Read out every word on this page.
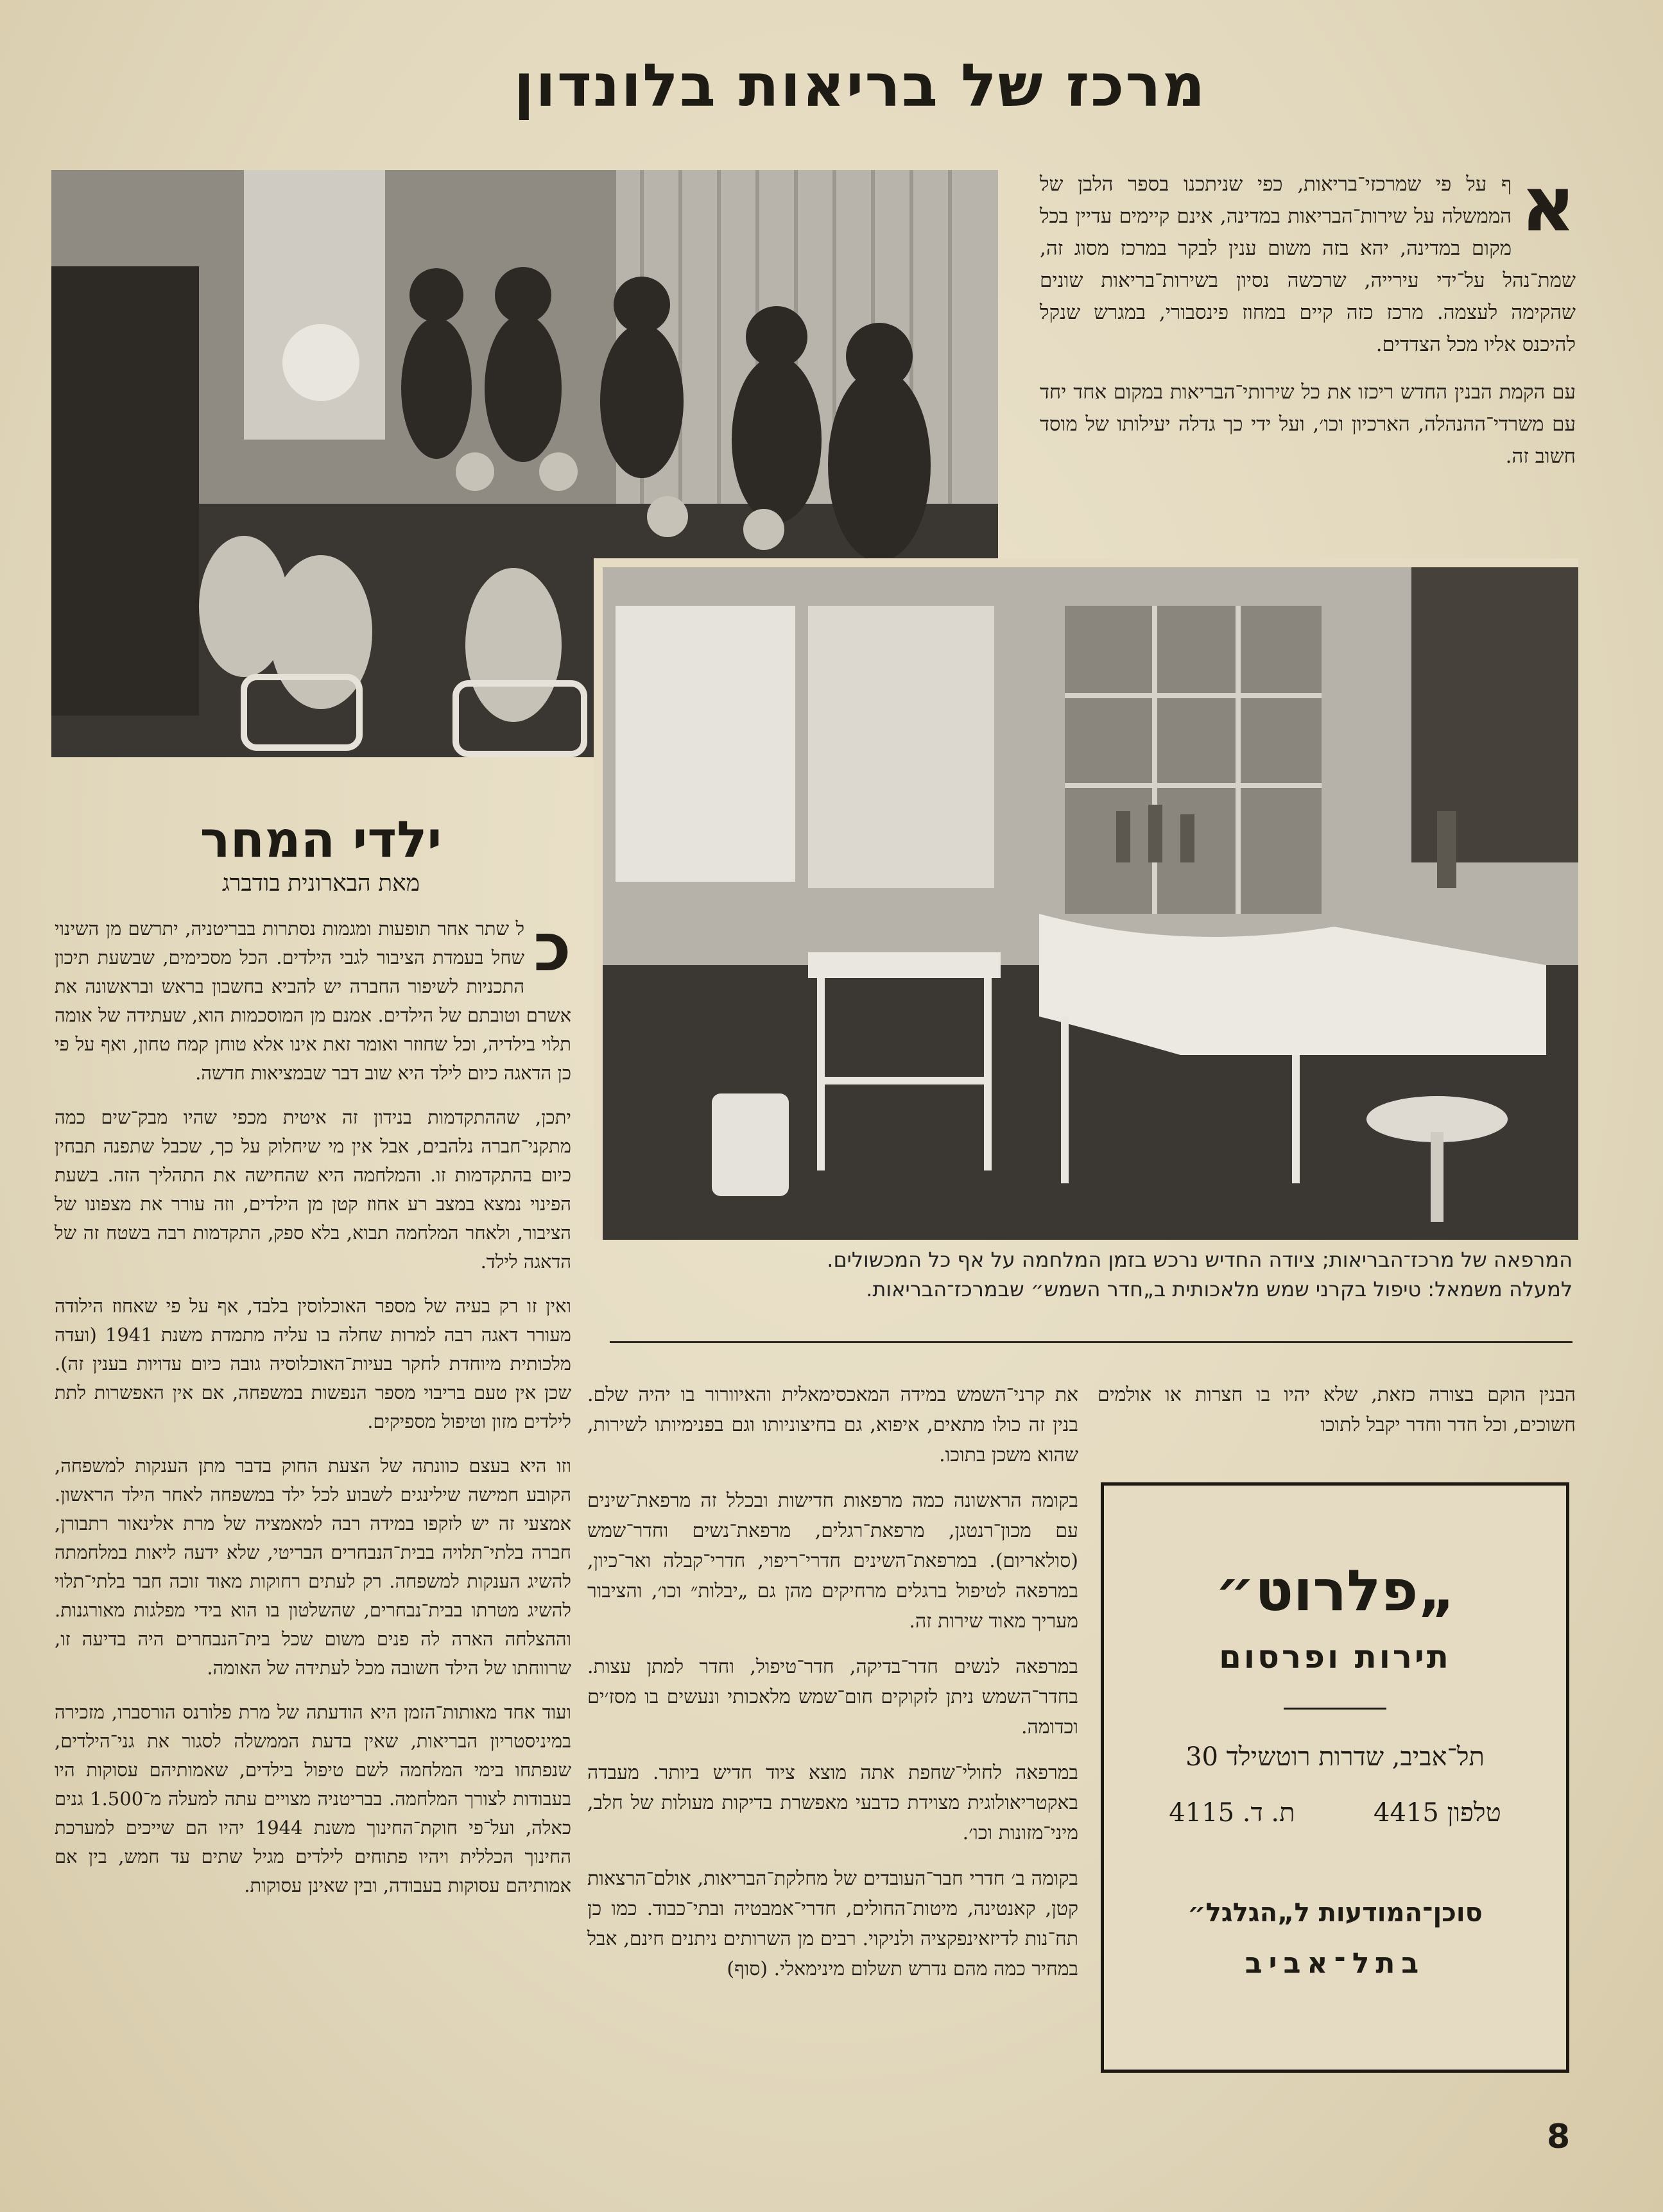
מרכז של בריאות בלונדון
א

ף על פי שמרכזי־בריאות, כפי שניתכנו בספר הלבן של הממשלה על שירות־הבריאות במדינה, אינם קיימים עדיין בכל מקום במדינה, יהא בזה משום ענין לבקר במרכז מסוג זה, שמת־נהל על־ידי עירייה, שרכשה נסיון בשירות־בריאות שונים שהקימה לעצמה. מרכז כזה קיים במחוז פינסבורי, במגרש שנקל להיכנס אליו מכל הצדדים.

עם הקמת הבנין החדש ריכזו את כל שירותי־הבריאות במקום אחד יחד עם משרדי־ההנהלה, הארכיון וכו׳, ועל ידי כך גדלה יעילותו של מוסד חשוב זה.

ילדי המחר
מאת הבארונית בודברג
כ

ל שתר אחר תופעות ומגמות נסתרות בבריטניה, יתרשם מן השינוי שחל בעמדת הציבור לגבי הילדים. הכל מסכימים, שבשעת תיכון התכניות לשיפור החברה יש להביא בחשבון בראש ובראשונה את אשרם וטובתם של הילדים. אמנם מן המוסכמות הוא, שעתידה של אומה תלוי בילדיה, וכל שחוזר ואומר זאת אינו אלא טוחן קמח טחון, ואף על פי כן הדאגה כיום לילד היא שוב דבר שבמציאות חדשה.

יתכן, שההתקדמות בנידון זה איטית מכפי שהיו מבק־שים כמה מתקני־חברה נלהבים, אבל אין מי שיחלוק על כך, שכבל שתפנה תבחין כיום בהתקדמות זו. והמלחמה היא שהחישה את התהליך הזה. בשעת הפינוי נמצא במצב רע אחוז קטן מן הילדים, וזה עורר את מצפונו של הציבור, ולאחר המלחמה תבוא, בלא ספק, התקדמות רבה בשטח זה של הדאגה לילד.

ואין זו רק בעיה של מספר האוכלוסין בלבד, אף על פי שאחוז הילודה מעורר דאגה רבה למרות שחלה בו עליה מתמדת משנת 1941 (ועדה מלכותית מיוחדת לחקר בעיות־האוכלוסיה גובה כיום עדויות בענין זה). שכן אין טעם בריבוי מספר הנפשות במשפחה, אם אין האפשרות לתת לילדים מזון וטיפול מספיקים.

וזו היא בעצם כוונתה של הצעת החוק בדבר מתן הענקות למשפחה, הקובע חמישה שילינגים לשבוע לכל ילד במשפחה לאחר הילד הראשון. אמצעי זה יש לזקפו במידה רבה למאמציה של מרת אלינאור רתבורן, חברה בלתי־תלויה בבית־הנבחרים הבריטי, שלא ידעה ליאות במלחמתה להשיג הענקות למשפחה. רק לעתים רחוקות מאוד זוכה חבר בלתי־תלוי להשיג מטרתו בבית־נבחרים, שהשלטון בו הוא בידי מפלגות מאורגנות. וההצלחה הארה לה פנים משום שכל בית־הנבחרים היה בדיעה זו, שרווחתו של הילד חשובה מכל לעתידה של האומה.

ועוד אחד מאותות־הזמן היא הודעתה של מרת פלורנס הורסברו, מזכירה במיניסטריון הבריאות, שאין בדעת הממשלה לסגור את גני־הילדים, שנפתחו בימי המלחמה לשם טיפול בילדים, שאמותיהם עסוקות היו בעבודות לצורך המלחמה. בבריטניה מצויים עתה למעלה מ־1.500 גנים כאלה, ועל־פי חוקת־החינוך משנת 1944 יהיו הם שייכים למערכת החינוך הכללית ויהיו פתוחים לילדים מגיל שתים עד חמש, בין אם אמותיהם עסוקות בעבודה, ובין שאינן עסוקות.

המרפאה של מרכז־הבריאות; ציודה החדיש נרכש בזמן המלחמה על אף כל המכשולים.
למעלה משמאל: טיפול בקרני שמש מלאכותית ב„חדר השמש״ שבמרכז־הבריאות.

הבנין הוקם בצורה כזאת, שלא יהיו בו חצרות או אולמים חשוכים, וכל חדר וחדר יקבל לתוכו

„פלרוט״
תירות ופרסום
תל־אביב, שדרות רוטשילד 30
טלפון 4415
ת. ד. 4115
סוכן־המודעות ל„הגלגל״
בתל־אביב

את קרני־השמש במידה המאכסימאלית והאיוורור בו יהיה שלם. בנין זה כולו מתאים, איפוא, גם בחיצוניותו וגם בפנימיותו לשירות, שהוא משכן בתוכו.

בקומה הראשונה כמה מרפאות חדישות ובכלל זה מרפאת־שינים עם מכון־רנטגן, מרפאת־רגלים, מרפאת־נשים וחדר־שמש (סולאריום). במרפאת־השינים חדרי־ריפוי, חדרי־קבלה ואר־כיון, במרפאה לטיפול ברגלים מרחיקים מהן גם „יבלות״ וכו׳, והציבור מעריך מאוד שירות זה.

במרפאה לנשים חדר־בדיקה, חדר־טיפול, וחדר למתן עצות. בחדר־השמש ניתן לזקוקים חום־שמש מלאכותי ונעשים בו מסז׳ים וכדומה.

במרפאה לחולי־שחפת אתה מוצא ציוד חדיש ביותר. מעבדה באקטריאולוגית מצוידת כדבעי מאפשרת בדיקות מעולות של חלב, מיני־מזונות וכו׳.

בקומה ב׳ חדרי חבר־העובדים של מחלקת־הבריאות, אולם־הרצאות קטן, קאנטינה, מיטות־החולים, חדרי־אמבטיה ובתי־כבוד. כמו כן תח־נות לדיזאינפקציה ולניקוי. רבים מן השרותים ניתנים חינם, אבל במחיר כמה מהם נדרש תשלום מינימאלי. (סוף)

8
